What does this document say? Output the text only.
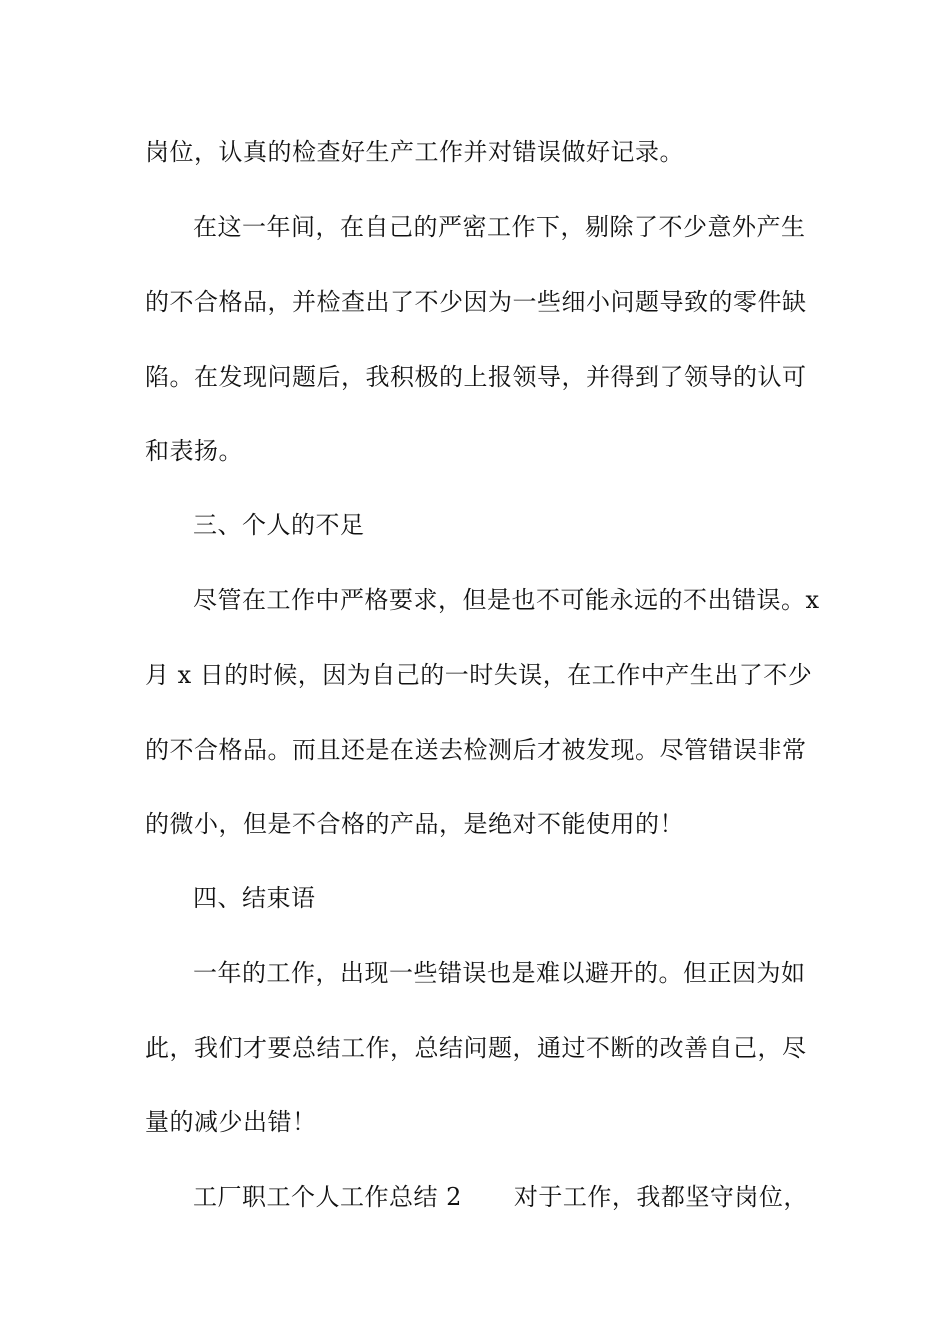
岗位，认真的检查好生产工作并对错误做好记录。
在这一年间，在自己的严密工作下，剔除了不少意外产生
的不合格品，并检查出了不少因为一些细小问题导致的零件缺
陷。在发现问题后，我积极的上报领导，并得到了领导的认可
和表扬。
三、个人的不足
尽管在工作中严格要求，但是也不可能永远的不出错误。x
月 x 日的时候，因为自己的一时失误，在工作中产生出了不少
的不合格品。而且还是在送去检测后才被发现。尽管错误非常
的微小，但是不合格的产品，是绝对不能使用的！
四、结束语
一年的工作，出现一些错误也是难以避开的。但正因为如
此，我们才要总结工作，总结问题，通过不断的改善自己，尽
量的减少出错！
工厂职工个人工作总结 2 对于工作，我都坚守岗位，
